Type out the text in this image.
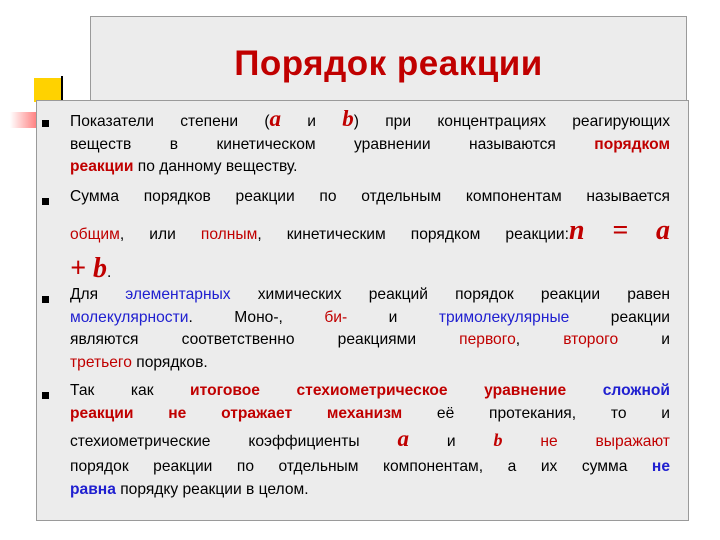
Порядок реакции
Показатели степени (a и b) при концентрациях реагирующих
веществ в кинетическом уравнении называются порядком
реакции по данному веществу.
Сумма порядков реакции по отдельным компонентам называется
общим, или полным, кинетическим порядком реакции:n = a
+ b.
Для элементарных химических реакций порядок реакции равен
молекулярности. Моно-, би- и тримолекулярные реакции
являются соответственно реакциями первого, второго и
третьего порядков.
Так как итоговое стехиометрическое уравнение сложной
реакции не отражает механизм её протекания, то и
стехиометрические коэффициенты a и b не выражают
порядок реакции по отдельным компонентам, а их сумма не
равна порядку реакции в целом.
